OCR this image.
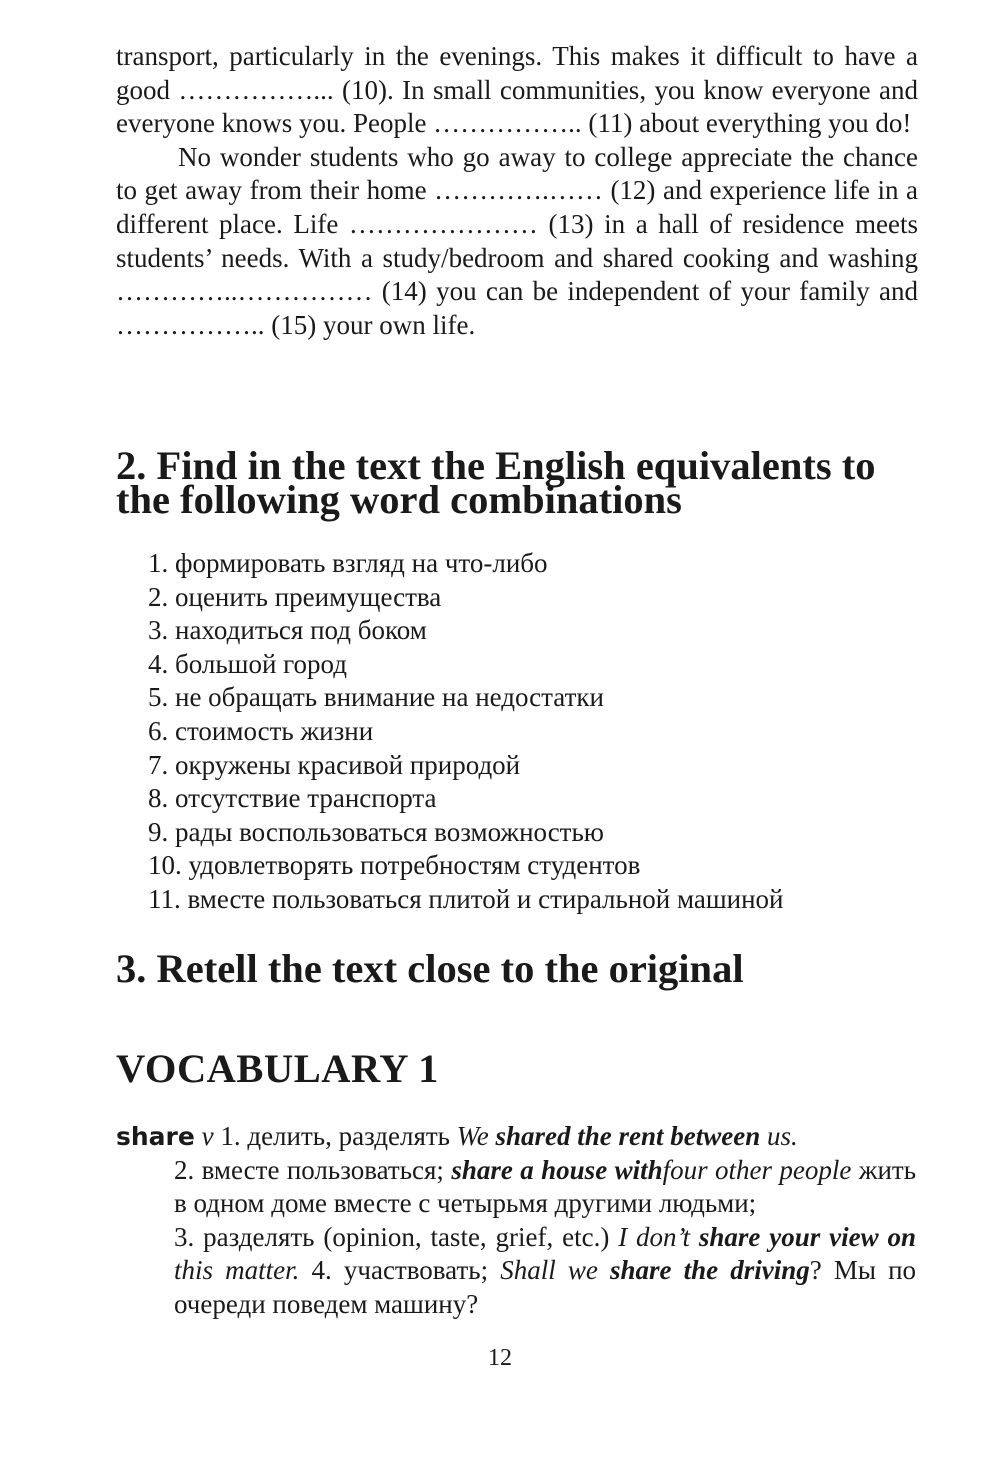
transport, particularly in the evenings. This makes it difficult to have a good ……………... (10). In small communities, you know everyone and everyone knows you. People …………….. (11) about everything you do!

No wonder students who go away to college appreciate the chance to get away from their home ………….…… (12) and experience life in a different place. Life ………………… (13) in a hall of residence meets students’ needs. With a study/bedroom and shared cooking and washing …………..…………… (14) you can be independent of your family and …………….. (15) your own life.

2. Find in the text the English equivalents to the following word combinations
1. формировать взгляд на что-либо
2. оценить преимущества
3. находиться под боком
4. большой город
5. не обращать внимание на недостатки
6. стоимость жизни
7. окружены красивой природой
8. отсутствие транспорта
9. рады воспользоваться возможностью
10. удовлетворять потребностям студентов
11. вместе пользоваться плитой и стиральной машиной
3. Retell the text close to the original
VOCABULARY 1
share v 1. делить, разделять We shared the rent between us.

2. вместе пользоваться; share a house withfour other people жить в одном доме вместе с четырьмя другими людьми;

3. разделять (opinion, taste, grief, etc.) I don’t share your view on this matter. 4. участвовать; Shall we share the driving? Мы по очереди поведем машину?

12
